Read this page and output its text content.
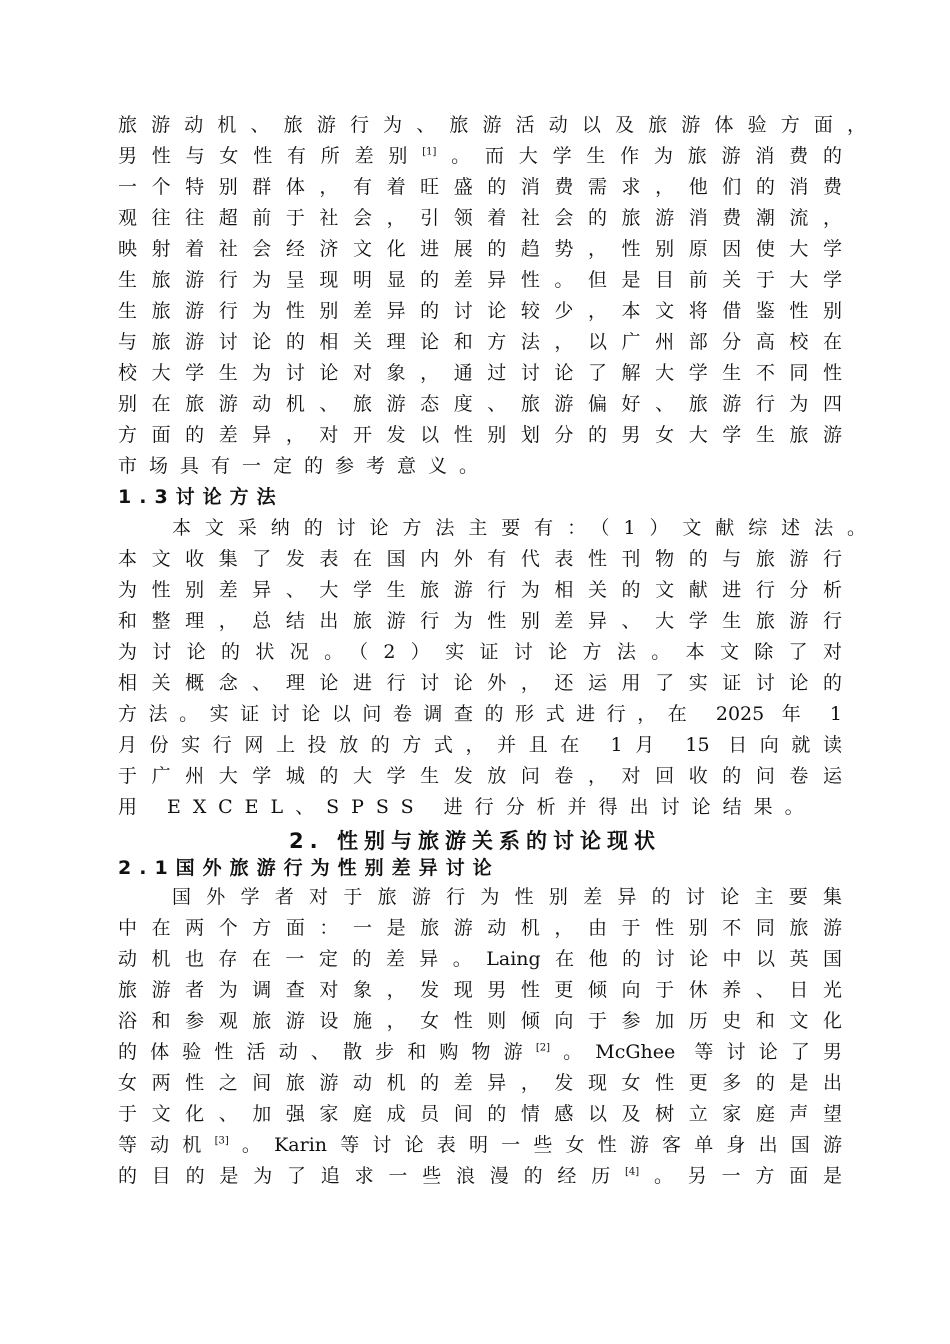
旅游动机、旅游行为、旅游活动以及旅游体验方面，
男性与女性有所差别[1]。而大学生作为旅游消费的
一个特别群体，有着旺盛的消费需求，他们的消费
观往往超前于社会，引领着社会的旅游消费潮流，
映射着社会经济文化进展的趋势，性别原因使大学
生旅游行为呈现明显的差异性。但是目前关于大学
生旅游行为性别差异的讨论较少，本文将借鉴性别
与旅游讨论的相关理论和方法，以广州部分高校在
校大学生为讨论对象，通过讨论了解大学生不同性
别在旅游动机、旅游态度、旅游偏好、旅游行为四
方面的差异，对开发以性别划分的男女大学生旅游
市场具有一定的参考意义。
1.3讨论方法
本文采纳的讨论方法主要有：（1）文献综述法。
本文收集了发表在国内外有代表性刊物的与旅游行
为性别差异、大学生旅游行为相关的文献进行分析
和整理，总结出旅游行为性别差异、大学生旅游行
为讨论的状况。（2）实证讨论方法。本文除了对
相关概念、理论进行讨论外，还运用了实证讨论的
方法。实证讨论以问卷调查的形式进行，在 2025 年 1
月份实行网上投放的方式，并且在 1月 15 日向就读
于广州大学城的大学生发放问卷，对回收的问卷运
用 EXCEL、SPSS 进行分析并得出讨论结果。
2. 性别与旅游关系的讨论现状
2.1国外旅游行为性别差异讨论
国外学者对于旅游行为性别差异的讨论主要集
中在两个方面：一是旅游动机，由于性别不同旅游
动机也存在一定的差异。Laing在他的讨论中以英国
旅游者为调查对象，发现男性更倾向于休养、日光
浴和参观旅游设施，女性则倾向于参加历史和文化
的体验性活动、散步和购物游[2]。McGhee 等讨论了男
女两性之间旅游动机的差异，发现女性更多的是出
于文化、加强家庭成员间的情感以及树立家庭声望
等动机[3]。Karin等讨论表明一些女性游客单身出国游
的目的是为了追求一些浪漫的经历[4]。另一方面是
